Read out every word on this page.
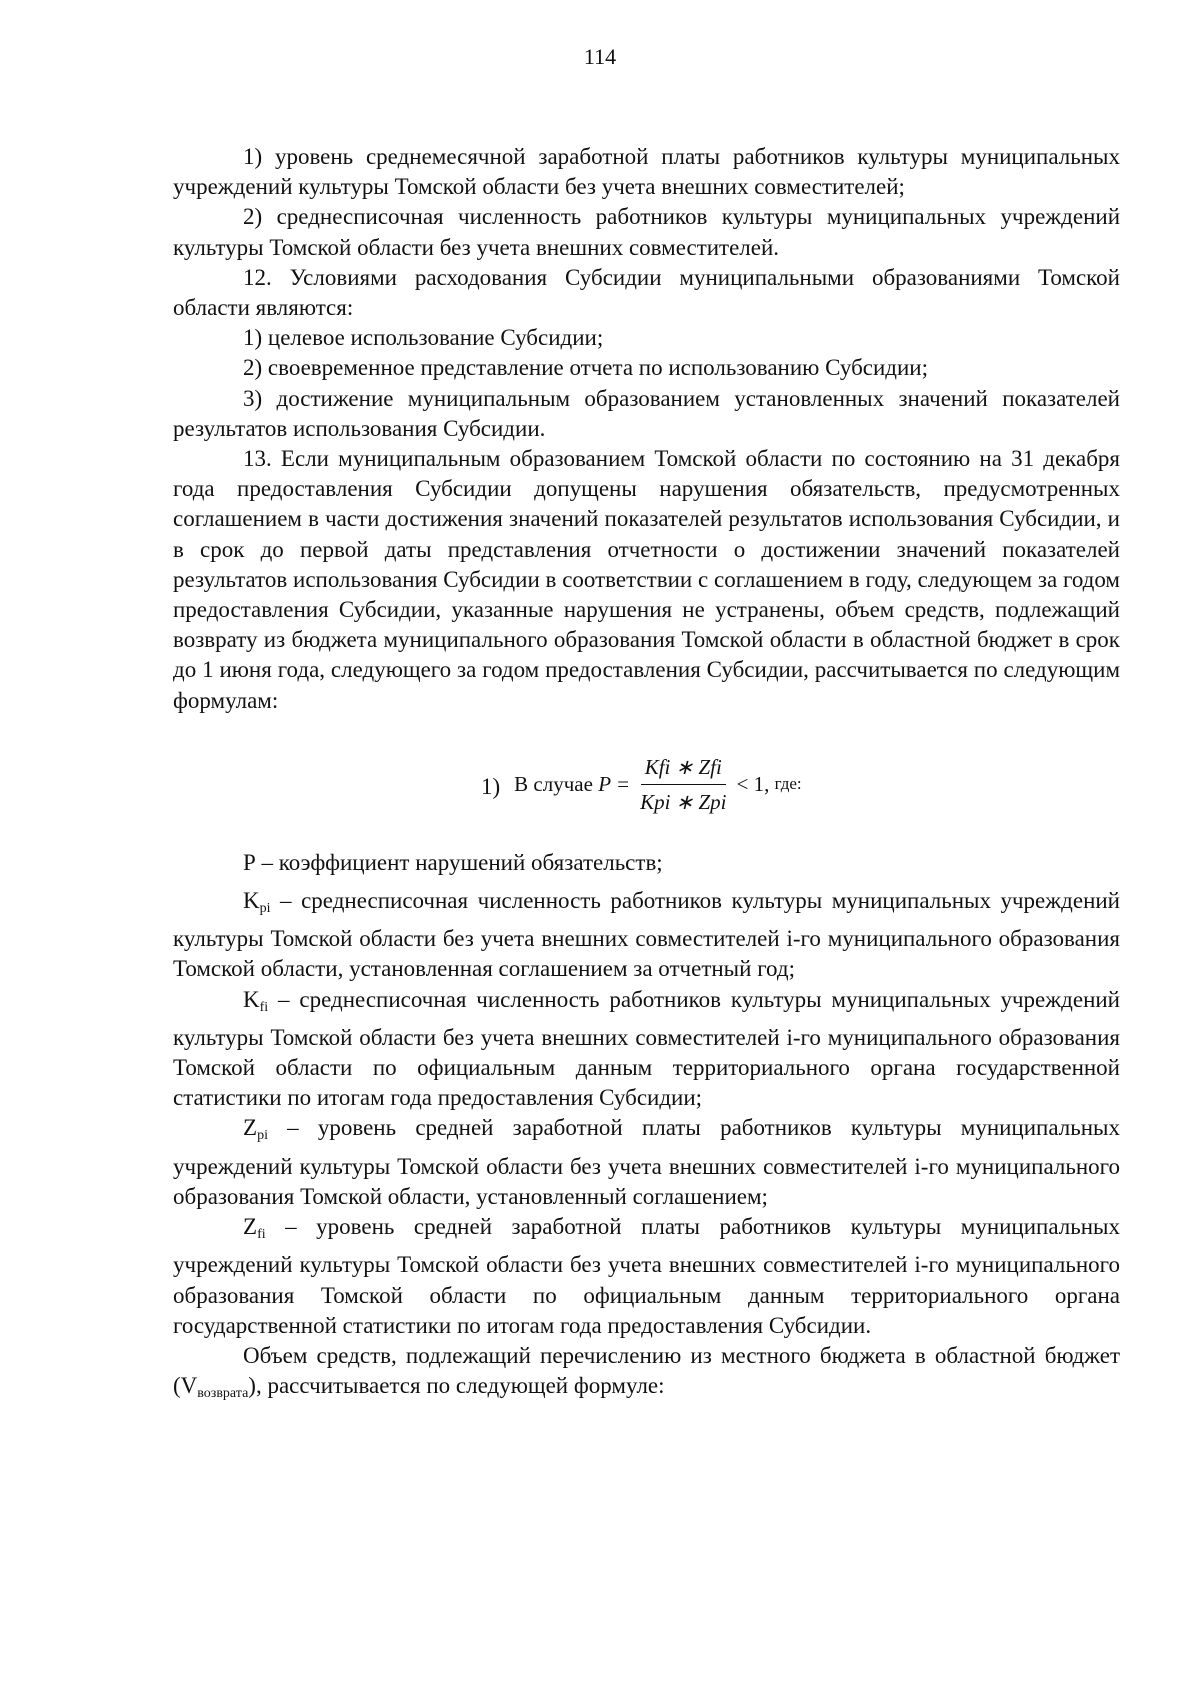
114

1) уровень среднемесячной заработной платы работников культуры муниципальных учреждений культуры Томской области без учета внешних совместителей;

2) среднесписочная численность работников культуры муниципальных учреждений культуры Томской области без учета внешних совместителей.

12. Условиями расходования Субсидии муниципальными образованиями Томской области являются:

1) целевое использование Субсидии;

2) своевременное представление отчета по использованию Субсидии;

3) достижение муниципальным образованием установленных значений показателей результатов использования Субсидии.

13. Если муниципальным образованием Томской области по состоянию на 31 декабря года предоставления Субсидии допущены нарушения обязательств, предусмотренных соглашением в части достижения значений показателей результатов использования Субсидии, и в срок до первой даты представления отчетности о достижении значений показателей результатов использования Субсидии в соответствии с соглашением в году, следующем за годом предоставления Субсидии, указанные нарушения не устранены, объем средств, подлежащий возврату из бюджета муниципального образования Томской области в областной бюджет в срок до 1 июня года, следующего за годом предоставления Субсидии, рассчитывается по следующим формулам:

1) В случае
$P = \frac{\text{Kfi ∗ Zfi}}{\text{Kpi ∗ Zpi}} < 1$,
где:

P – коэффициент нарушений обязательств;

$K_{pi}$ – среднесписочная численность работников культуры муниципальных учреждений культуры Томской области без учета внешних совместителей i-го муниципального образования Томской области, установленная соглашением за отчетный год;

$K_{fi}$ – среднесписочная численность работников культуры муниципальных учреждений культуры Томской области без учета внешних совместителей i-го муниципального образования Томской области по официальным данным территориального органа государственной статистики по итогам года предоставления Субсидии;

$Z_{pi}$ – уровень средней заработной платы работников культуры муниципальных учреждений культуры Томской области без учета внешних совместителей i-го муниципального образования Томской области, установленный соглашением;

$Z_{fi}$ – уровень средней заработной платы работников культуры муниципальных учреждений культуры Томской области без учета внешних совместителей i-го муниципального образования Томской области по официальным данным территориального органа государственной статистики по итогам года предоставления Субсидии.

Объем средств, подлежащий перечислению из местного бюджета в областной бюджет $(V_{возврата})$, рассчитывается по следующей формуле:
